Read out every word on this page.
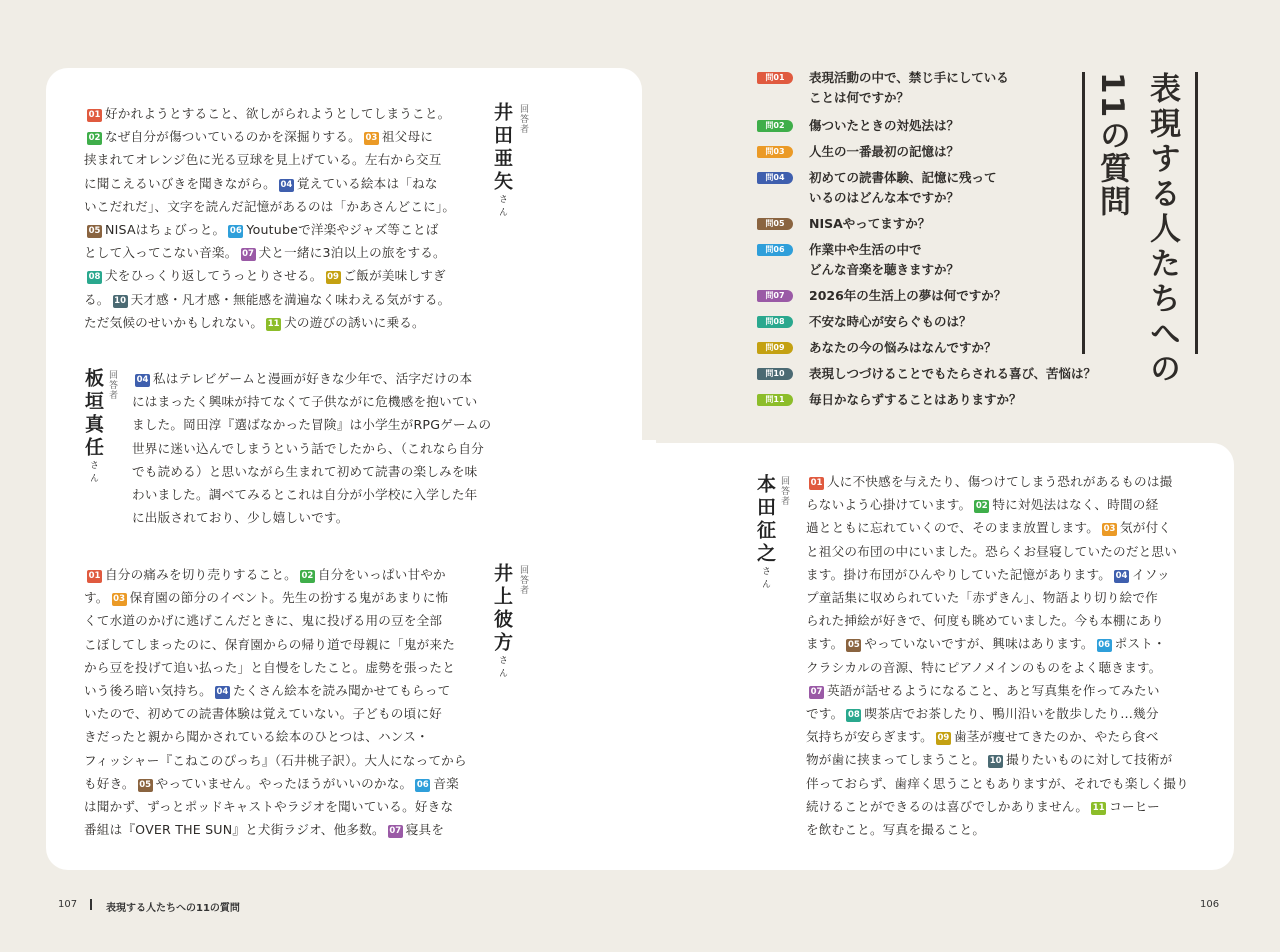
01 好かれようとすること、欲しがられようとしてしまうこと。
02 なぜ自分が傷ついているのかを深掘りする。 03 祖父母に
挟まれてオレンジ色に光る豆球を見上げている。左右から交互
に聞こえるいびきを聞きながら。 04 覚えている絵本は「ねな
いこだれだ」、文字を読んだ記憶があるのは「かあさんどこに」。
05 NISAはちょびっと。 06 Youtubeで洋楽やジャズ等ことば
として入ってこない音楽。 07 犬と一緒に3泊以上の旅をする。
08 犬をひっくり返してうっとりさせる。 09 ご飯が美味しすぎ
る。 10 天才感・凡才感・無能感を満遍なく味わえる気がする。
ただ気候のせいかもしれない。 11 犬の遊びの誘いに乗る。
井田亜矢さん
回答者
板垣真任さん
回答者	04 私はテレビゲームと漫画が好きな少年で、活字だけの本
にはまったく興味が持てなくて子供ながに危機感を抱いてい
ました。岡田淳『選ばなかった冒険』は小学生がRPGゲームの
世界に迷い込んでしまうという話でしたから、（これなら自分
でも読める）と思いながら生まれて初めて読書の楽しみを味
わいました。調べてみるとこれは自分が小学校に入学した年
に出版されており、少し嬉しいです。
01 自分の痛みを切り売りすること。 02 自分をいっぱい甘やか
す。 03 保育園の節分のイベント。先生の扮する鬼があまりに怖
くて水道のかげに逃げこんだときに、鬼に投げる用の豆を全部
こぼしてしまったのに、保育園からの帰り道で母親に「鬼が来た
から豆を投げて追い払った」と自慢をしたこと。虚勢を張ったと
いう後ろ暗い気持ち。 04 たくさん絵本を読み聞かせてもらって
いたので、初めての読書体験は覚えていない。子どもの頃に好
きだったと親から聞かされている絵本のひとつは、ハンス・
フィッシャー『こねこのぴっち』（石井桃子訳）。大人になってから
も好き。 05 やっていません。やったほうがいいのかな。 06 音楽
は聞かず、ずっとポッドキャストやラジオを聞いている。好きな
番組は『OVER THE SUN』と犬街ラジオ、他多数。 07 寝具を
井上彼方さん
回答者
本田征之さん
回答者	01 人に不快感を与えたり、傷つけてしまう恐れがあるものは撮
らないよう心掛けています。 02 特に対処法はなく、時間の経
過とともに忘れていくので、そのまま放置します。 03 気が付く
と祖父の布団の中にいました。恐らくお昼寝していたのだと思い
ます。掛け布団がひんやりしていた記憶があります。 04 イソッ
プ童話集に収められていた「赤ずきん」、物語より切り絵で作
られた挿絵が好きで、何度も眺めていました。今も本棚にあり
ます。 05 やっていないですが、興味はあります。 06 ポスト・
クラシカルの音源、特にピアノメインのものをよく聴きます。
07 英語が話せるようになること、あと写真集を作ってみたい
です。 08 喫茶店でお茶したり、鴨川沿いを散歩したり…幾分
気持ちが安らぎます。 09 歯茎が痩せてきたのか、やたら食べ
物が歯に挟まってしまうこと。 10 撮りたいものに対して技術が
伴っておらず、歯痒く思うこともありますが、それでも楽しく撮り
続けることができるのは喜びでしかありません。 11 コーヒー
を飲むこと。写真を撮ること。
問01	表現活動の中で、禁じ手にしている
ことは何ですか？
問02	傷ついたときの対処法は？
問03	人生の一番最初の記憶は？
問04	初めての読書体験、記憶に残って
いるのはどんな本ですか？
問05	NISAやってますか？
問06	作業中や生活の中で
どんな音楽を聴きますか？
問07	2026年の生活上の夢は何ですか？
問08	不安な時心が安らぐものは？
問09	あなたの今の悩みはなんですか？
問10	表現しつづけることでもたらされる喜び、苦悩は？
問11	毎日かならずすることはありますか？
11の質問 表現する人たちへの
107	表現する人たちへの11の質問	106
